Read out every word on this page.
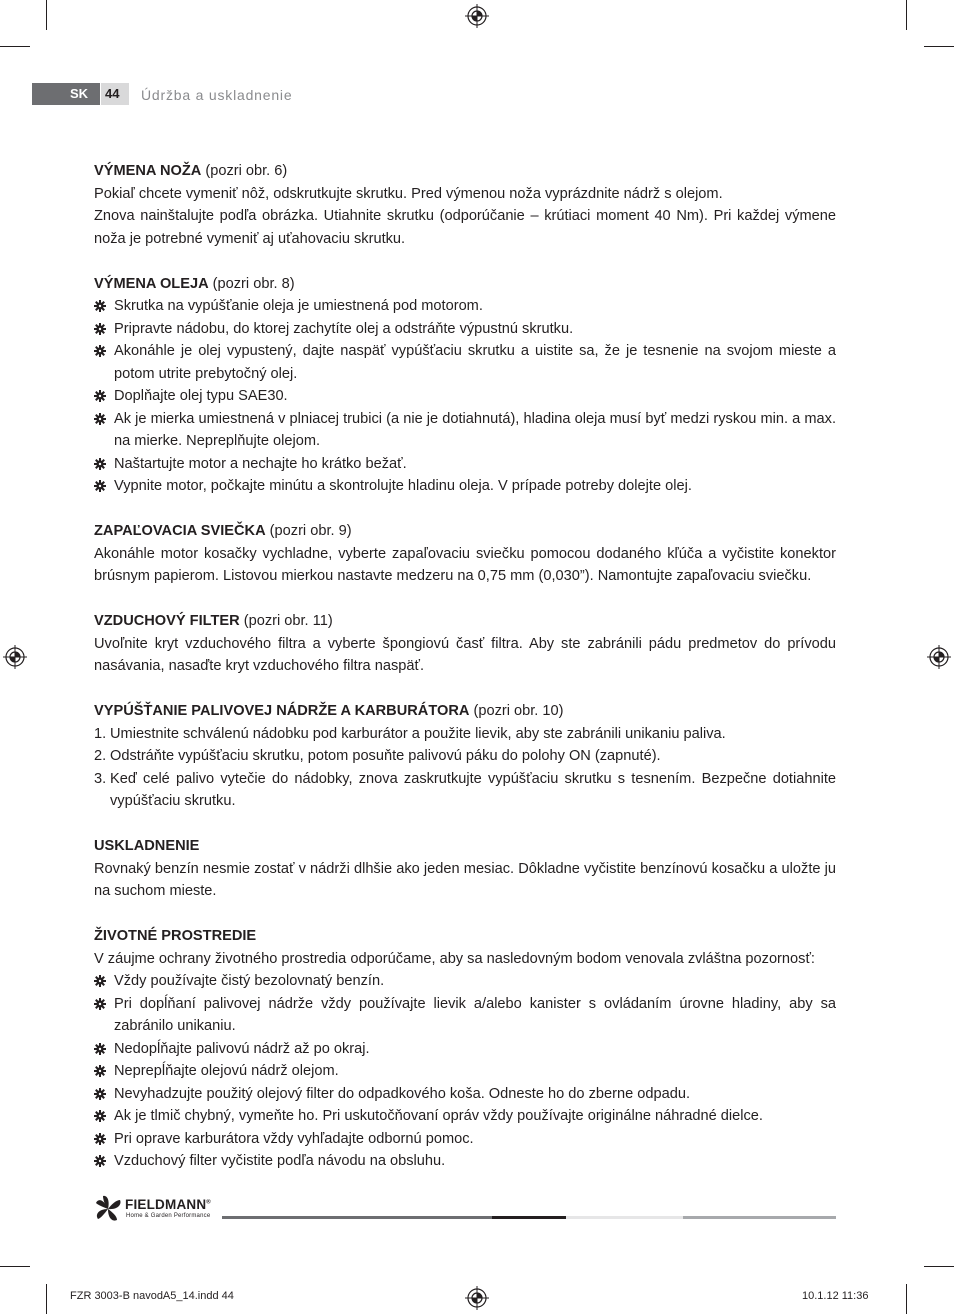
SK 44 Údržba a uskladnenie

VÝMENA NOŽA (pozri obr. 6)

Pokiaľ chcete vymeniť nôž, odskrutkujte skrutku. Pred výmenou noža vyprázdnite nádrž s olejom.

Znova nainštalujte podľa obrázka. Utiahnite skrutku (odporúčanie – krútiaci moment 40 Nm). Pri každej výmene noža je potrebné vymeniť aj uťahovaciu skrutku.

VÝMENA OLEJA (pozri obr. 8)

Skrutka na vypúšťanie oleja je umiestnená pod motorom.
Pripravte nádobu, do ktorej zachytíte olej a odstráňte výpustnú skrutku.
Akonáhle je olej vypustený, dajte naspäť vypúšťaciu skrutku a uistite sa, že je tesnenie na svojom mieste a potom utrite prebytočný olej.
Doplňajte olej typu SAE30.
Ak je mierka umiestnená v plniacej trubici (a nie je dotiahnutá), hladina oleja musí byť medzi ryskou min. a max. na mierke. Nepreplňujte olejom.
Naštartujte motor a nechajte ho krátko bežať.
Vypnite motor, počkajte minútu a skontrolujte hladinu oleja. V prípade potreby dolejte olej.

ZAPAĽOVACIA SVIEČKA (pozri obr. 9)

Akonáhle motor kosačky vychladne, vyberte zapaľovaciu sviečku pomocou dodaného kľúča a vyčistite konektor brúsnym papierom. Listovou mierkou nastavte medzeru na 0,75 mm (0,030”). Namontujte zapaľovaciu sviečku.

VZDUCHOVÝ FILTER (pozri obr. 11)

Uvoľnite kryt vzduchového filtra a vyberte špongiovú časť filtra. Aby ste zabránili pádu predmetov do prívodu nasávania, nasaďte kryt vzduchového filtra naspäť.

VYPÚŠŤANIE PALIVOVEJ NÁDRŽE A KARBURÁTORA (pozri obr. 10)

1. Umiestnite schválenú nádobku pod karburátor a použite lievik, aby ste zabránili unikaniu paliva.
2. Odstráňte vypúšťaciu skrutku, potom posuňte palivovú páku do polohy ON (zapnuté).
3. Keď celé palivo vytečie do nádobky, znova zaskrutkujte vypúšťaciu skrutku s tesnením. Bezpečne dotiahnite vypúšťaciu skrutku.

USKLADNENIE

Rovnaký benzín nesmie zostať v nádrži dlhšie ako jeden mesiac. Dôkladne vyčistite benzínovú kosačku a uložte ju na suchom mieste.

ŽIVOTNÉ PROSTREDIE

V záujme ochrany životného prostredia odporúčame, aby sa nasledovným bodom venovala zvláštna pozornosť:

Vždy používajte čistý bezolovnatý benzín.
Pri dopĺňaní palivovej nádrže vždy používajte lievik a/alebo kanister s ovládaním úrovne hladiny, aby sa zabránilo unikaniu.
Nedopĺňajte palivovú nádrž až po okraj.
Neprepĺňajte olejovú nádrž olejom.
Nevyhadzujte použitý olejový filter do odpadkového koša. Odneste ho do zberne odpadu.
Ak je tlmič chybný, vymeňte ho. Pri uskutočňovaní opráv vždy používajte originálne náhradné dielce.
Pri oprave karburátora vždy vyhľadajte odbornú pomoc.
Vzduchový filter vyčistite podľa návodu na obsluhu.
FIELDMANN®
Home & Garden Performance
FZR 3003-B navodA5_14.indd 44	10.1.12 11:36
